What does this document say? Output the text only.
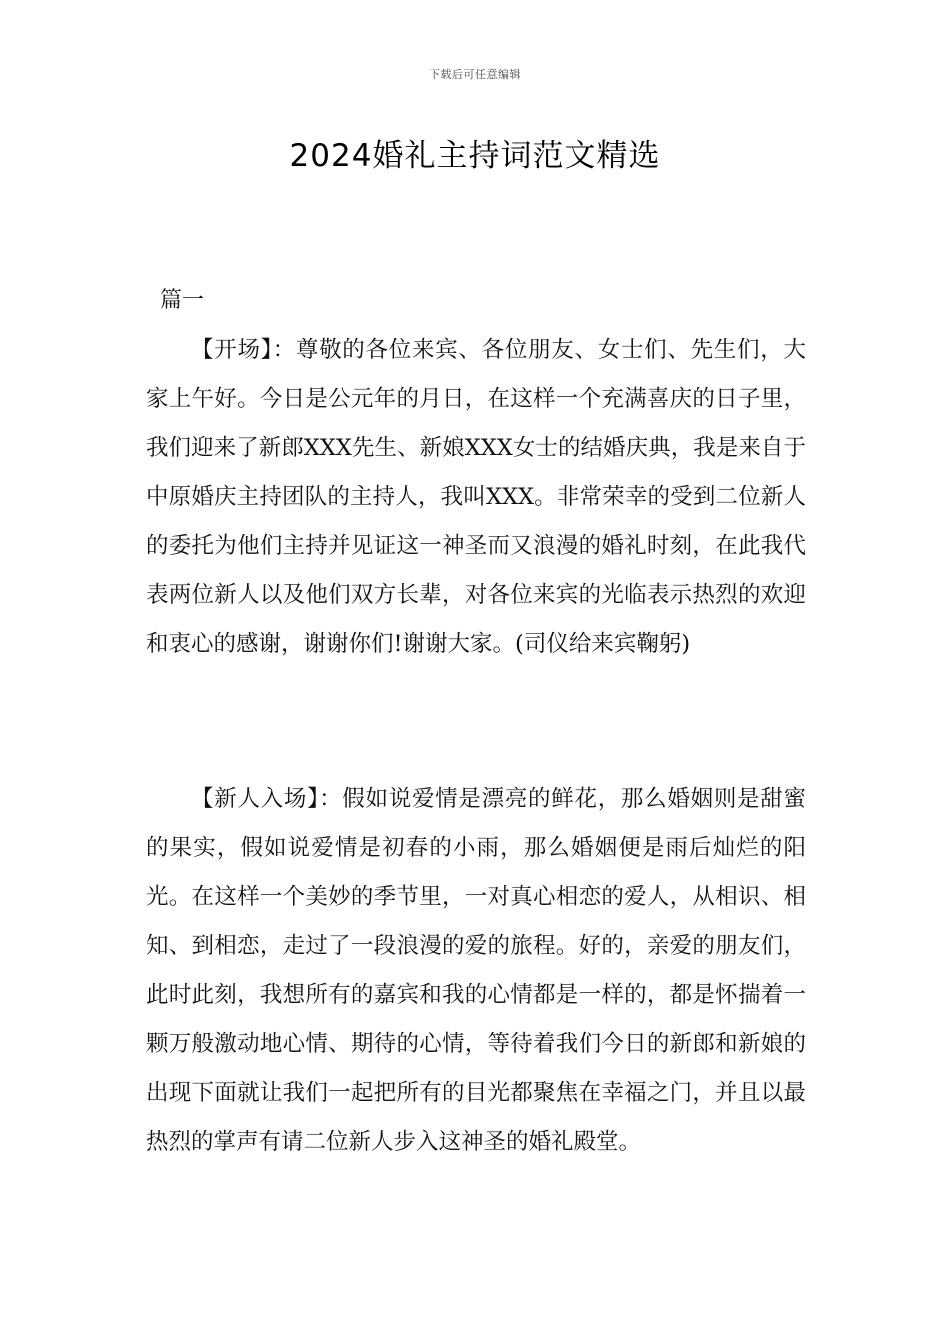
下载后可任意编辑
2024婚礼主持词范文精选
篇一

【开场】：尊敬的各位来宾、各位朋友、女士们、先生们，大家上午好。今日是公元年的月日，在这样一个充满喜庆的日子里，我们迎来了新郎XXX先生、新娘XXX女士的结婚庆典，我是来自于中原婚庆主持团队的主持人，我叫XXX。非常荣幸的受到二位新人的委托为他们主持并见证这一神圣而又浪漫的婚礼时刻，在此我代表两位新人以及他们双方长辈，对各位来宾的光临表示热烈的欢迎和衷心的感谢，谢谢你们!谢谢大家。(司仪给来宾鞠躬)

【新人入场】：假如说爱情是漂亮的鲜花，那么婚姻则是甜蜜的果实，假如说爱情是初春的小雨，那么婚姻便是雨后灿烂的阳光。在这样一个美妙的季节里，一对真心相恋的爱人，从相识、相知、到相恋，走过了一段浪漫的爱的旅程。好的，亲爱的朋友们，此时此刻，我想所有的嘉宾和我的心情都是一样的，都是怀揣着一颗万般激动地心情、期待的心情，等待着我们今日的新郎和新娘的出现下面就让我们一起把所有的目光都聚焦在幸福之门，并且以最热烈的掌声有请二位新人步入这神圣的婚礼殿堂。
